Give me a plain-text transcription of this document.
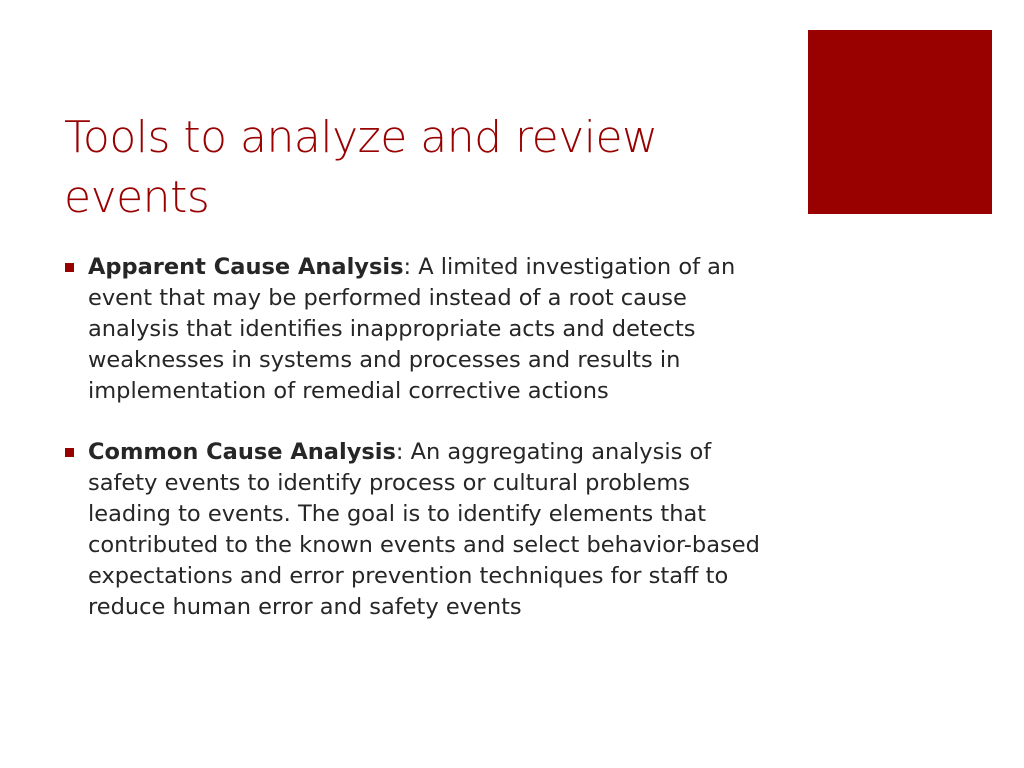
Tools to analyze and review events
Apparent Cause Analysis: A limited investigation of an event that may be performed instead of a root cause analysis that identifies inappropriate acts and detects weaknesses in systems and processes and results in implementation of remedial corrective actions
Common Cause Analysis: An aggregating analysis of safety events to identify process or cultural problems leading to events. The goal is to identify elements that contributed to the known events and select behavior-based expectations and error prevention techniques for staff to reduce human error and safety events
